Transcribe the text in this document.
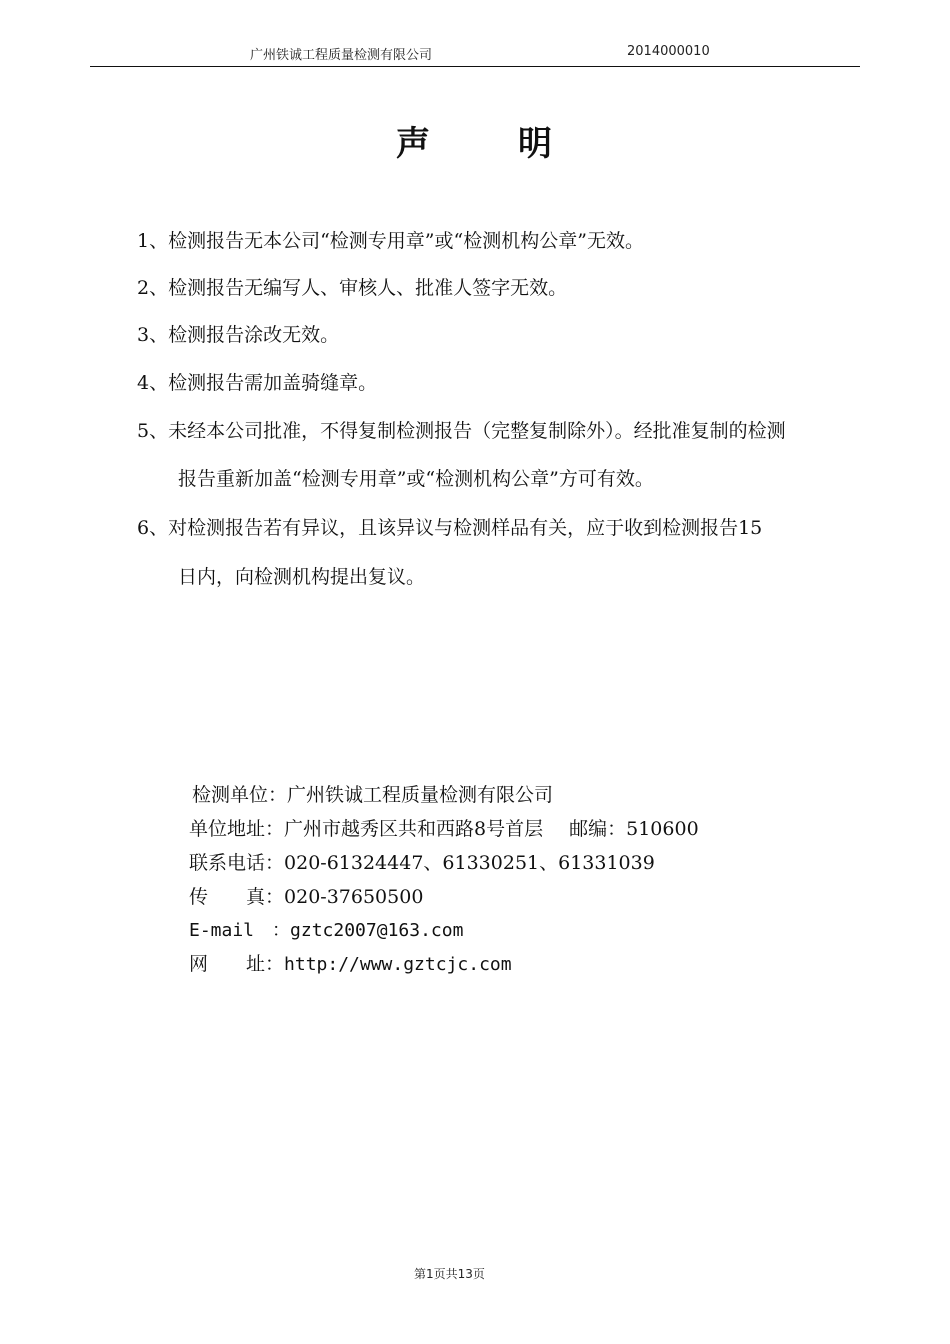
广州铁诚工程质量检测有限公司	2014000010
声	明
1、检测报告无本公司“检测专用章”或“检测机构公章”无效。
2、检测报告无编写人、审核人、批准人签字无效。
3、检测报告涂改无效。
4、检测报告需加盖骑缝章。
5、未经本公司批准，不得复制检测报告（完整复制除外）。经批准复制的检测
报告重新加盖“检测专用章”或“检测机构公章”方可有效。
6、对检测报告若有异议，且该异议与检测样品有关，应于收到检测报告15
日内，向检测机构提出复议。
检测单位：广州铁诚工程质量检测有限公司
单位地址：广州市越秀区共和西路8号首层 邮编：510600
联系电话：020-61324447、61330251、61331039
传　　真：020-37650500
E-mail　：gztc2007@163.com
网　　址：http://www.gztcjc.com
第1页共13页
